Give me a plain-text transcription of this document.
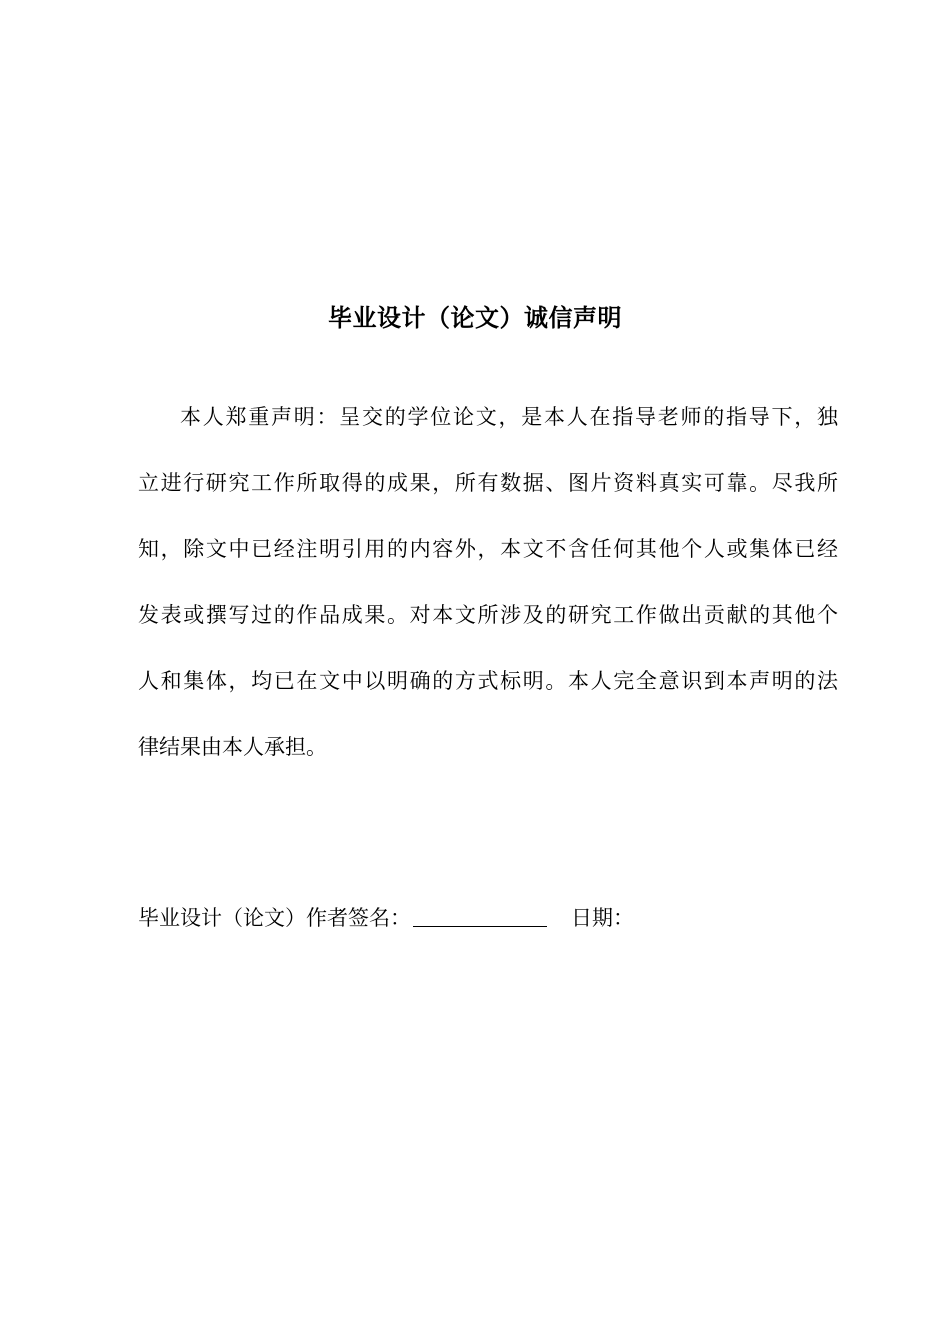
毕业设计（论文）诚信声明
本人郑重声明：呈交的学位论文，是本人在指导老师的指导下，独
立进行研究工作所取得的成果，所有数据、图片资料真实可靠。尽我所
知，除文中已经注明引用的内容外，本文不含任何其他个人或集体已经
发表或撰写过的作品成果。对本文所涉及的研究工作做出贡献的其他个
人和集体，均已在文中以明确的方式标明。本人完全意识到本声明的法
律结果由本人承担。
毕业设计（论文）作者签名：	日期：
